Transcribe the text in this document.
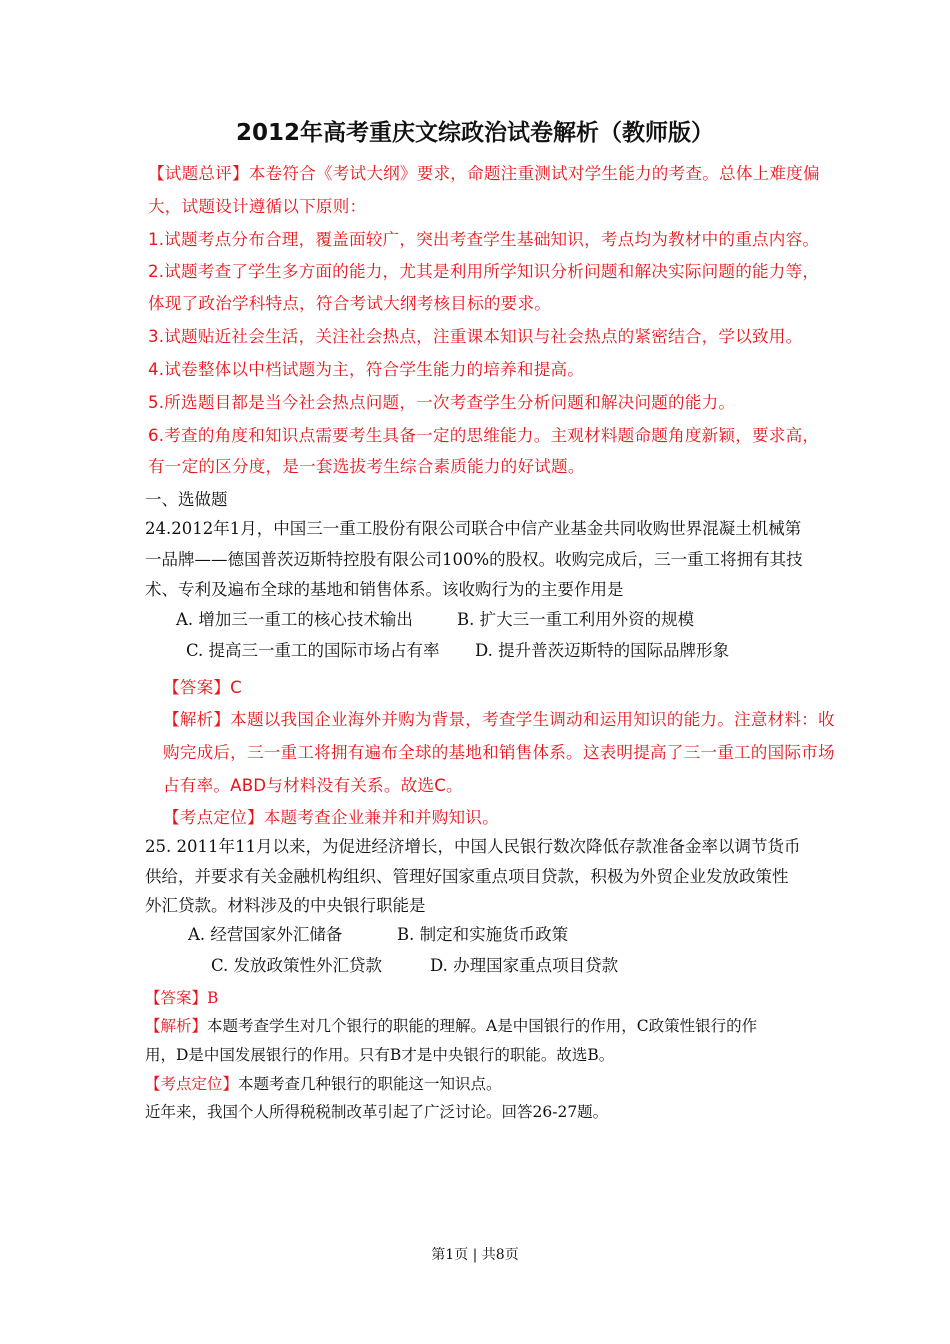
2012年高考重庆文综政治试卷解析（教师版）
【试题总评】本卷符合《考试大纲》要求，命题注重测试对学生能力的考查。总体上难度偏
大，试题设计遵循以下原则：
1.试题考点分布合理，覆盖面较广，突出考查学生基础知识，考点均为教材中的重点内容。
2.试题考查了学生多方面的能力，尤其是利用所学知识分析问题和解决实际问题的能力等，
体现了政治学科特点，符合考试大纲考核目标的要求。
3.试题贴近社会生活，关注社会热点，注重课本知识与社会热点的紧密结合，学以致用。
4.试卷整体以中档试题为主，符合学生能力的培养和提高。
5.所选题目都是当今社会热点问题，一次考查学生分析问题和解决问题的能力。
6.考查的角度和知识点需要考生具备一定的思维能力。主观材料题命题角度新颖，要求高，
有一定的区分度，是一套选拔考生综合素质能力的好试题。
一、选做题
24.2012年1月，中国三一重工股份有限公司联合中信产业基金共同收购世界混凝土机械第
一品牌——德国普茨迈斯特控股有限公司100%的股权。收购完成后，三一重工将拥有其技
术、专利及遍布全球的基地和销售体系。该收购行为的主要作用是
A. 增加三一重工的核心技术输出	B. 扩大三一重工利用外资的规模
C. 提高三一重工的国际市场占有率 D. 提升普茨迈斯特的国际品牌形象
【答案】C
【解析】本题以我国企业海外并购为背景，考查学生调动和运用知识的能力。注意材料：收
购完成后，三一重工将拥有遍布全球的基地和销售体系。这表明提高了三一重工的国际市场
占有率。ABD与材料没有关系。故选C。
【考点定位】本题考查企业兼并和并购知识。
25. 2011年11月以来，为促进经济增长，中国人民银行数次降低存款准备金率以调节货币
供给，并要求有关金融机构组织、管理好国家重点项目贷款，积极为外贸企业发放政策性
外汇贷款。材料涉及的中央银行职能是
A. 经营国家外汇储备	B. 制定和实施货币政策
C. 发放政策性外汇贷款	D. 办理国家重点项目贷款
【答案】B
【解析】本题考查学生对几个银行的职能的理解。A是中国银行的作用，C政策性银行的作
用，D是中国发展银行的作用。只有B才是中央银行的职能。故选B。
【考点定位】本题考查几种银行的职能这一知识点。
近年来，我国个人所得税税制改革引起了广泛讨论。回答26-27题。
第1页 | 共8页
